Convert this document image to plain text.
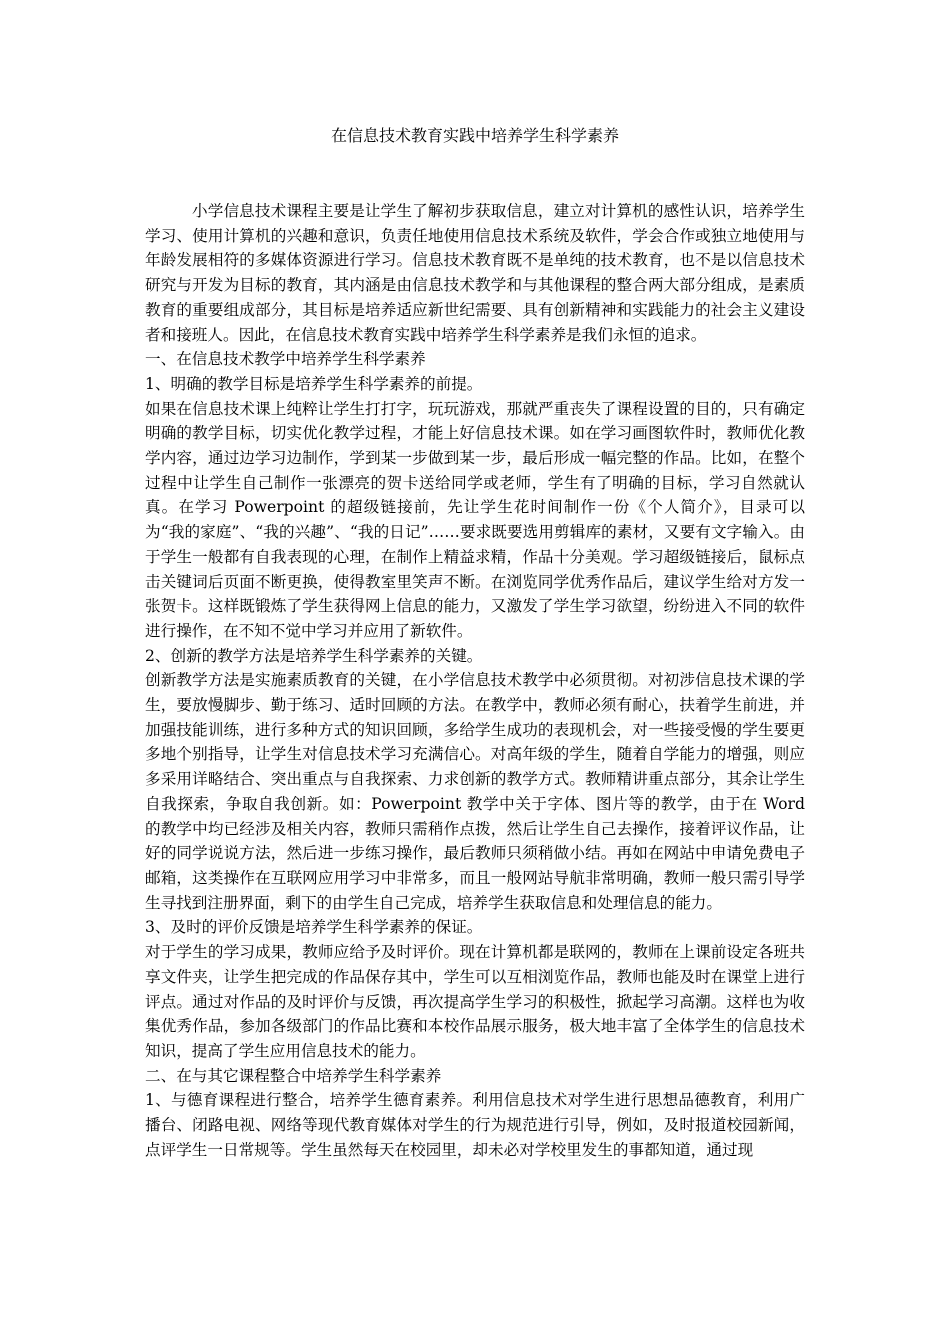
在信息技术教育实践中培养学生科学素养

小学信息技术课程主要是让学生了解初步获取信息，建立对计算机的感性认识，培养学生学习、使用计算机的兴趣和意识，负责任地使用信息技术系统及软件，学会合作或独立地使用与年龄发展相符的多媒体资源进行学习。信息技术教育既不是单纯的技术教育，也不是以信息技术研究与开发为目标的教育，其内涵是由信息技术教学和与其他课程的整合两大部分组成，是素质教育的重要组成部分，其目标是培养适应新世纪需要、具有创新精神和实践能力的社会主义建设者和接班人。因此，在信息技术教育实践中培养学生科学素养是我们永恒的追求。

一、在信息技术教学中培养学生科学素养

1、明确的教学目标是培养学生科学素养的前提。

如果在信息技术课上纯粹让学生打打字，玩玩游戏，那就严重丧失了课程设置的目的，只有确定明确的教学目标，切实优化教学过程，才能上好信息技术课。如在学习画图软件时，教师优化教学内容，通过边学习边制作，学到某一步做到某一步，最后形成一幅完整的作品。比如，在整个过程中让学生自己制作一张漂亮的贺卡送给同学或老师，学生有了明确的目标，学习自然就认真。在学习 Powerpoint 的超级链接前，先让学生花时间制作一份《个人简介》，目录可以为“我的家庭”、“我的兴趣”、“我的日记”……要求既要选用剪辑库的素材，又要有文字输入。由于学生一般都有自我表现的心理，在制作上精益求精，作品十分美观。学习超级链接后，鼠标点击关键词后页面不断更换，使得教室里笑声不断。在浏览同学优秀作品后，建议学生给对方发一张贺卡。这样既锻炼了学生获得网上信息的能力，又激发了学生学习欲望，纷纷进入不同的软件进行操作，在不知不觉中学习并应用了新软件。

2、创新的教学方法是培养学生科学素养的关键。

创新教学方法是实施素质教育的关键，在小学信息技术教学中必须贯彻。对初涉信息技术课的学生，要放慢脚步、勤于练习、适时回顾的方法。在教学中，教师必须有耐心，扶着学生前进，并加强技能训练，进行多种方式的知识回顾，多给学生成功的表现机会，对一些接受慢的学生要更多地个别指导，让学生对信息技术学习充满信心。对高年级的学生，随着自学能力的增强，则应多采用详略结合、突出重点与自我探索、力求创新的教学方式。教师精讲重点部分，其余让学生自我探索，争取自我创新。如：Powerpoint 教学中关于字体、图片等的教学，由于在 Word 的教学中均已经涉及相关内容，教师只需稍作点拨，然后让学生自己去操作，接着评议作品，让好的同学说说方法，然后进一步练习操作，最后教师只须稍做小结。再如在网站中申请免费电子邮箱，这类操作在互联网应用学习中非常多，而且一般网站导航非常明确，教师一般只需引导学生寻找到注册界面，剩下的由学生自己完成，培养学生获取信息和处理信息的能力。

3、及时的评价反馈是培养学生科学素养的保证。

对于学生的学习成果，教师应给予及时评价。现在计算机都是联网的，教师在上课前设定各班共享文件夹，让学生把完成的作品保存其中，学生可以互相浏览作品，教师也能及时在课堂上进行评点。通过对作品的及时评价与反馈，再次提高学生学习的积极性，掀起学习高潮。这样也为收集优秀作品，参加各级部门的作品比赛和本校作品展示服务，极大地丰富了全体学生的信息技术知识，提高了学生应用信息技术的能力。

二、在与其它课程整合中培养学生科学素养

1、与德育课程进行整合，培养学生德育素养。利用信息技术对学生进行思想品德教育，利用广播台、闭路电视、网络等现代教育媒体对学生的行为规范进行引导，例如，及时报道校园新闻，点评学生一日常规等。学生虽然每天在校园里，却未必对学校里发生的事都知道，通过现
